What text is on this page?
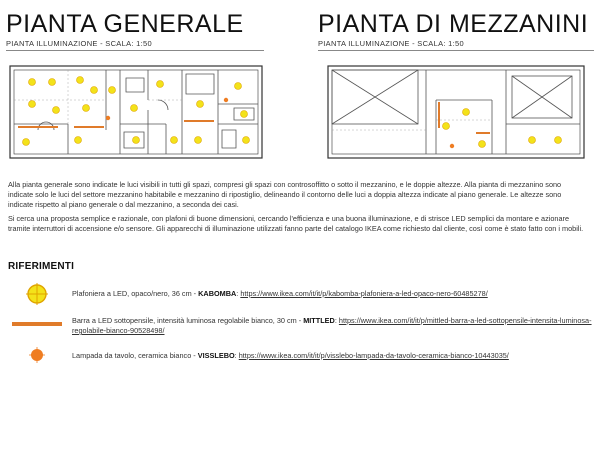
PIANTA GENERALE
PIANTA ILLUMINAZIONE - SCALA: 1:50
PIANTA DI MEZZANINI
PIANTA ILLUMINAZIONE - SCALA: 1:50
Alla pianta generale sono indicate le luci visibili in tutti gli spazi, compresi gli spazi con controsoffitto o sotto il mezzanino, e le doppie altezze. Alla pianta di mezzanino sono indicate solo le luci del settore mezzanino habitabile e mezzanino di ripostiglio, delineando il contorno delle luci a doppia altezza indicate al piano generale. Le altezze sono indicate rispetto al piano generale o dal mezzanino, a seconda dei casi.
Si cerca una proposta semplice e razionale, con plafoni di buone dimensioni, cercando l'efficienza e una buona illuminazione, e di strisce LED semplici da montare e azionare tramite interruttori di accensione e/o sensore. Gli apparecchi di illuminazione utilizzati fanno parte del catalogo IKEA come richiesto dal cliente, così come è stato fatto con i mobili.
RIFERIMENTI
Plafoniera a LED, opaco/nero, 36 cm - KABOMBA: https://www.ikea.com/it/it/p/kabomba-plafoniera-a-led-opaco-nero-60485278/
Barra a LED sottopensile, intensità luminosa regolabile bianco, 30 cm - MITTLED: https://www.ikea.com/it/it/p/mittled-barra-a-led-sottopensile-intensita-luminosa-regolabile-bianco-90528498/
Lampada da tavolo, ceramica bianco - VISSLEBO: https://www.ikea.com/it/it/p/visslebo-lampada-da-tavolo-ceramica-bianco-10443035/
